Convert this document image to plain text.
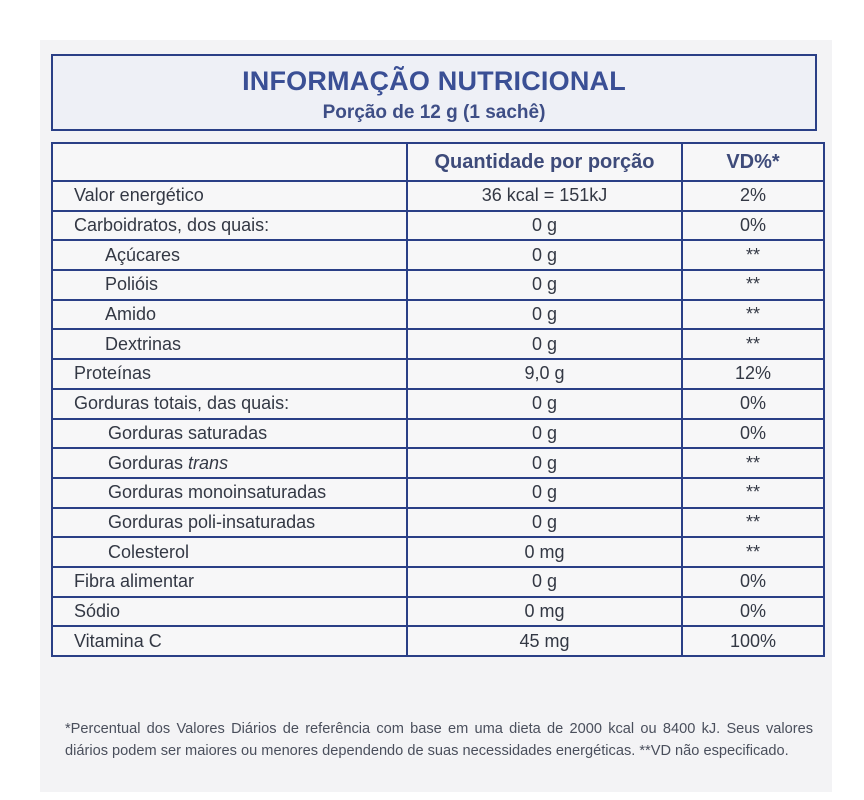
INFORMAÇÃO NUTRICIONAL
Porção de 12 g (1 sachê)
	Quantidade por porção	VD%*
Valor energético	36 kcal = 151kJ	2%
Carboidratos, dos quais:	0 g	0%
Açúcares	0 g	**
Polióis	0 g	**
Amido	0 g	**
Dextrinas	0 g	**
Proteínas	9,0 g	12%
Gorduras totais, das quais:	0 g	0%
Gorduras saturadas	0 g	0%
Gorduras trans	0 g	**
Gorduras monoinsaturadas	0 g	**
Gorduras poli-insaturadas	0 g	**
Colesterol	0 mg	**
Fibra alimentar	0 g	0%
Sódio	0 mg	0%
Vitamina C	45 mg	100%
*Percentual dos Valores Diários de referência com base em uma dieta de 2000 kcal ou 8400 kJ. Seus valores diários podem ser maiores ou menores dependendo de suas necessidades energéticas. **VD não especificado.
